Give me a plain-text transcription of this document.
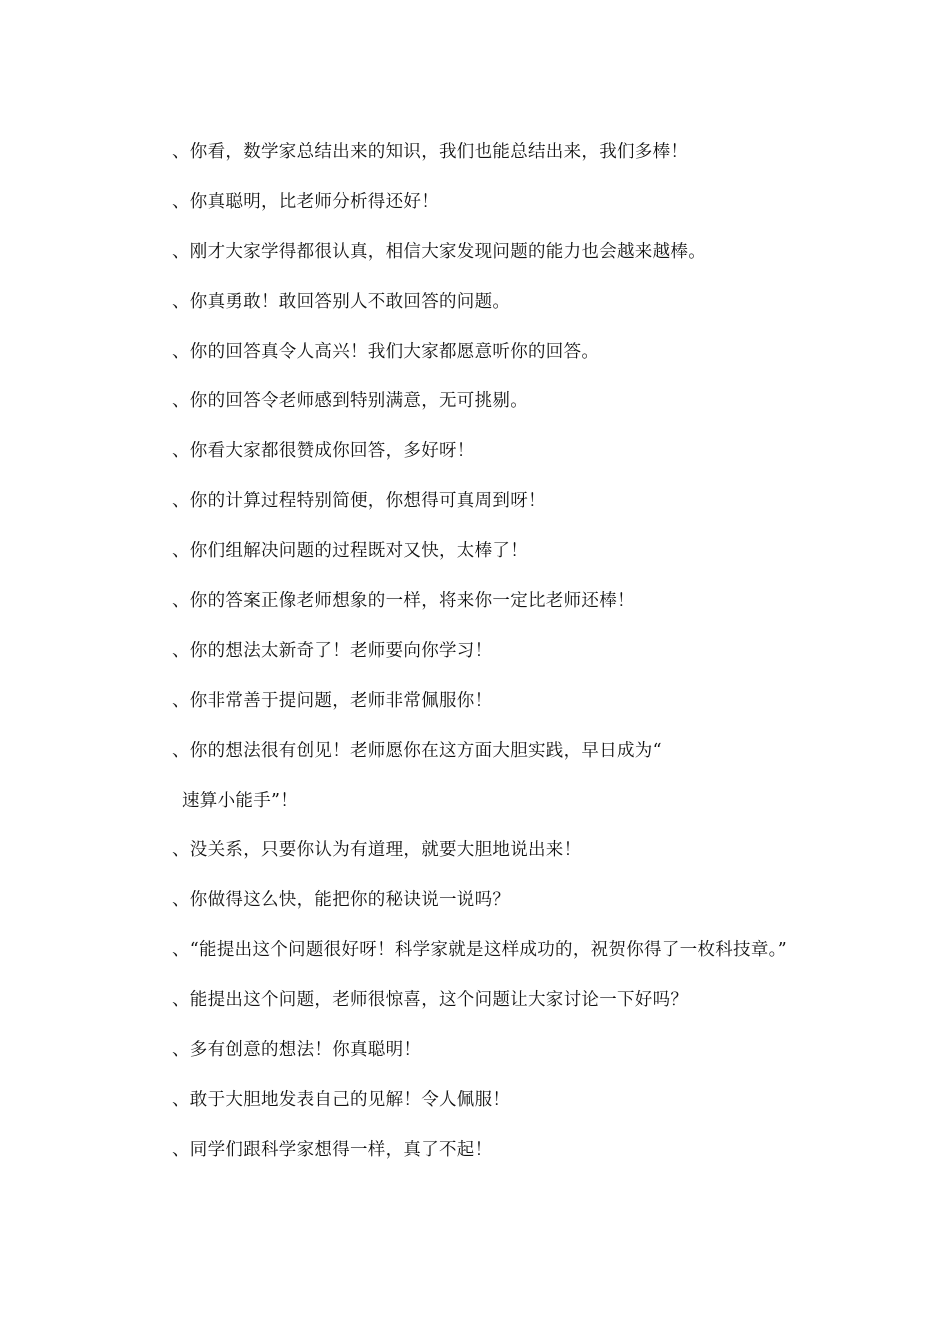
、你看，数学家总结出来的知识，我们也能总结出来，我们多棒！
、你真聪明，比老师分析得还好！
、刚才大家学得都很认真，相信大家发现问题的能力也会越来越棒。
、你真勇敢！敢回答别人不敢回答的问题。
、你的回答真令人高兴！我们大家都愿意听你的回答。
、你的回答令老师感到特别满意，无可挑剔。
、你看大家都很赞成你回答，多好呀！
、你的计算过程特别简便，你想得可真周到呀！
、你们组解决问题的过程既对又快，太棒了！
、你的答案正像老师想象的一样，将来你一定比老师还棒！
、你的想法太新奇了！老师要向你学习！
、你非常善于提问题，老师非常佩服你！
、你的想法很有创见！老师愿你在这方面大胆实践，早日成为“
速算小能手”！
、没关系，只要你认为有道理，就要大胆地说出来！
、你做得这么快，能把你的秘诀说一说吗？
、“能提出这个问题很好呀！科学家就是这样成功的，祝贺你得了一枚科技章。”
、能提出这个问题，老师很惊喜，这个问题让大家讨论一下好吗？
、多有创意的想法！你真聪明！
、敢于大胆地发表自己的见解！令人佩服！
、同学们跟科学家想得一样，真了不起！
